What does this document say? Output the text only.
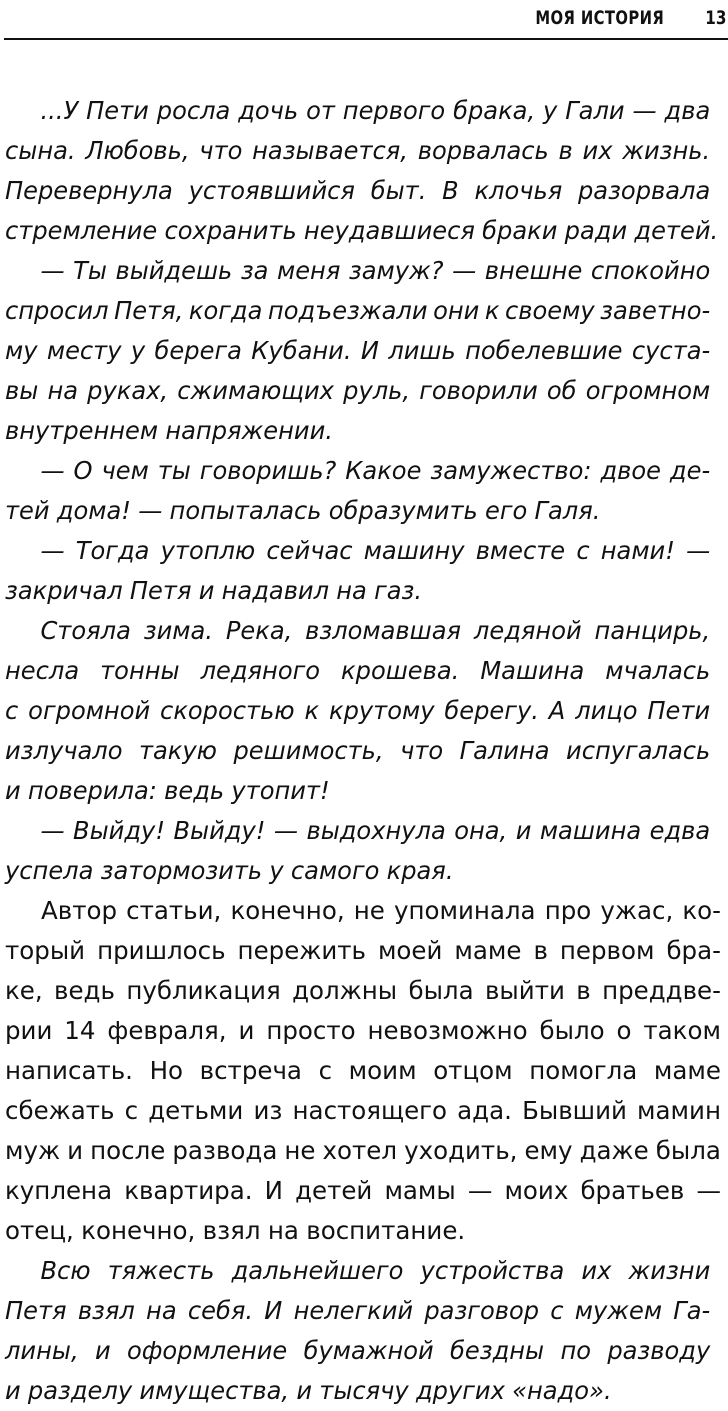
МОЯ ИСТОРИЯ 13
...У Пети росла дочь от первого брака, у Гали — два
сына. Любовь, что называется, ворвалась в их жизнь.
Перевернула устоявшийся быт. В клочья разорвала
стремление сохранить неудавшиеся браки ради детей.
— Ты выйдешь за меня замуж? — внешне спокойно
спросил Петя, когда подъезжали они к своему заветно-
му месту у берега Кубани. И лишь побелевшие суста-
вы на руках, сжимающих руль, говорили об огромном
внутреннем напряжении.
— О чем ты говоришь? Какое замужество: двое де-
тей дома! — попыталась образумить его Галя.
— Тогда утоплю сейчас машину вместе с нами! —
закричал Петя и надавил на газ.
Стояла зима. Река, взломавшая ледяной панцирь,
несла тонны ледяного крошева. Машина мчалась
с огромной скоростью к крутому берегу. А лицо Пети
излучало такую решимость, что Галина испугалась
и поверила: ведь утопит!
— Выйду! Выйду! — выдохнула она, и машина едва
успела затормозить у самого края.
Автор статьи, конечно, не упоминала про ужас, ко-
торый пришлось пережить моей маме в первом бра-
ке, ведь публикация должны была выйти в преддве-
рии 14 февраля, и просто невозможно было о таком
написать. Но встреча с моим отцом помогла маме
сбежать с детьми из настоящего ада. Бывший мамин
муж и после развода не хотел уходить, ему даже была
куплена квартира. И детей мамы — моих братьев —
отец, конечно, взял на воспитание.
Всю тяжесть дальнейшего устройства их жизни
Петя взял на себя. И нелегкий разговор с мужем Га-
лины, и оформление бумажной бездны по разводу
и разделу имущества, и тысячу других «надо».
